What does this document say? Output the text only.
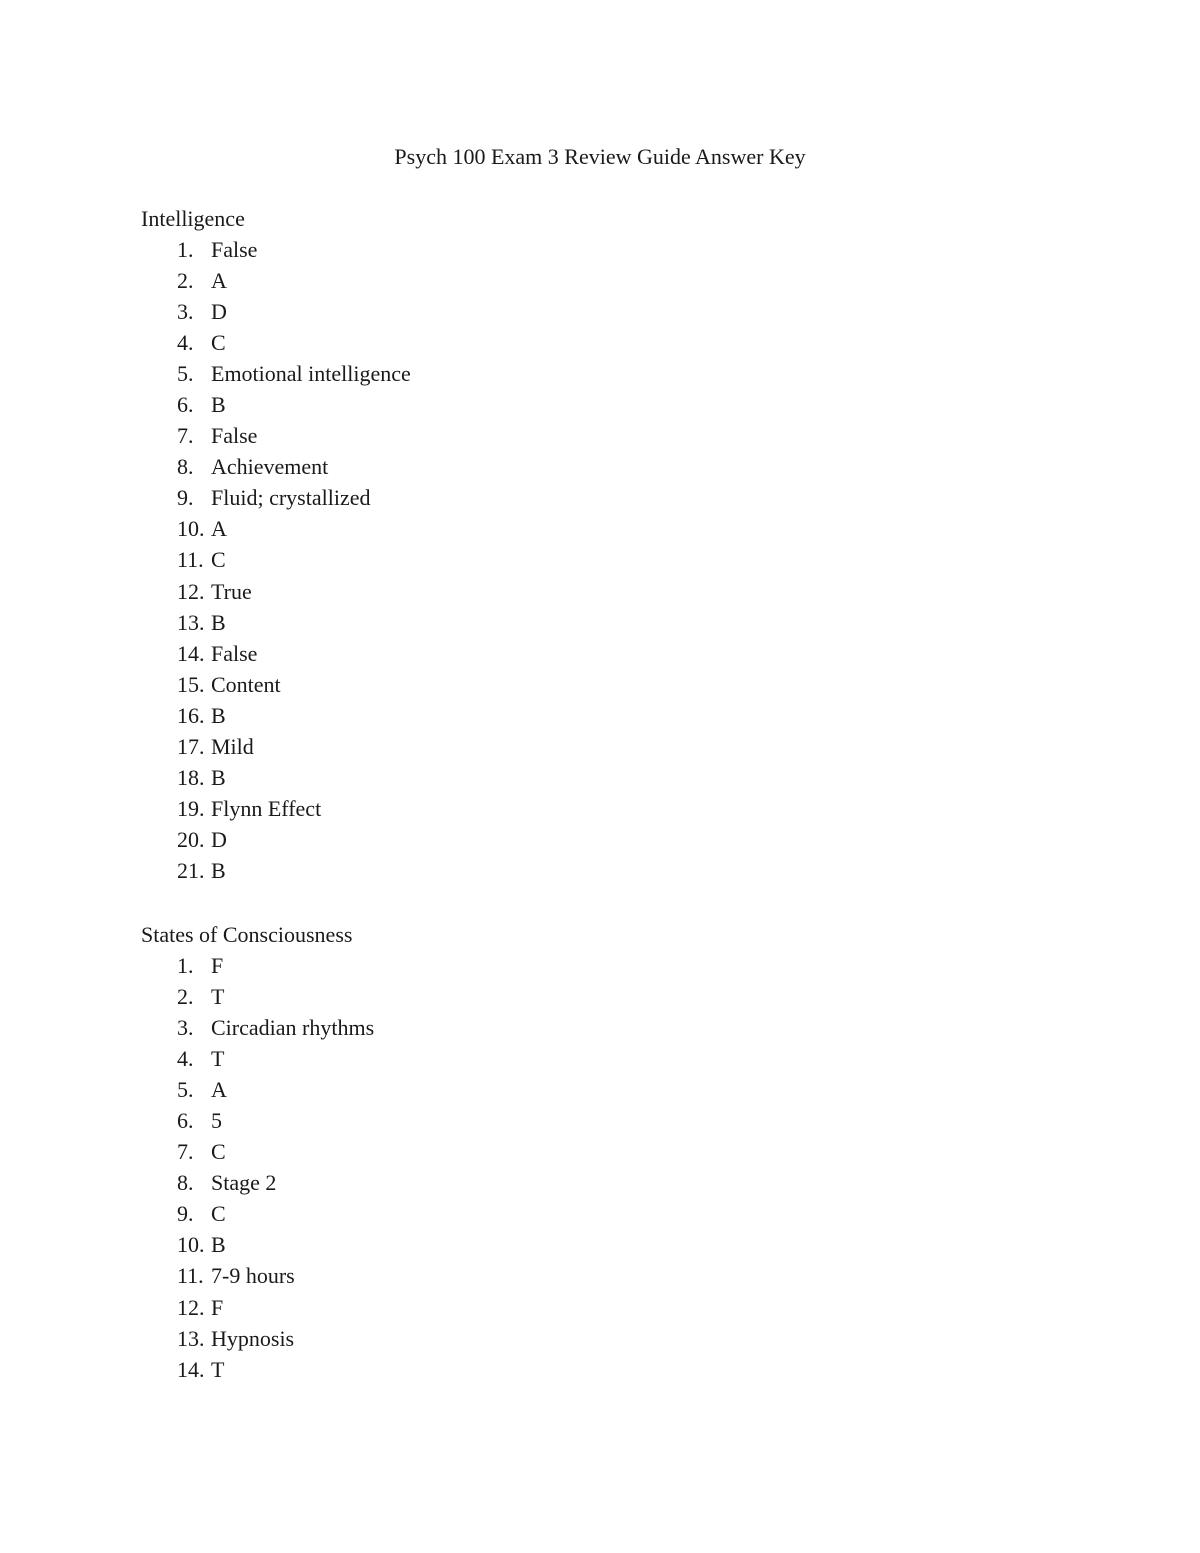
Psych 100 Exam 3 Review Guide Answer Key
Intelligence
1. False
2. A
3. D
4. C
5. Emotional intelligence
6. B
7. False
8. Achievement
9. Fluid; crystallized
10. A
11. C
12. True
13. B
14. False
15. Content
16. B
17. Mild
18. B
19. Flynn Effect
20. D
21. B
States of Consciousness
1. F
2. T
3. Circadian rhythms
4. T
5. A
6. 5
7. C
8. Stage 2
9. C
10. B
11. 7-9 hours
12. F
13. Hypnosis
14. T
